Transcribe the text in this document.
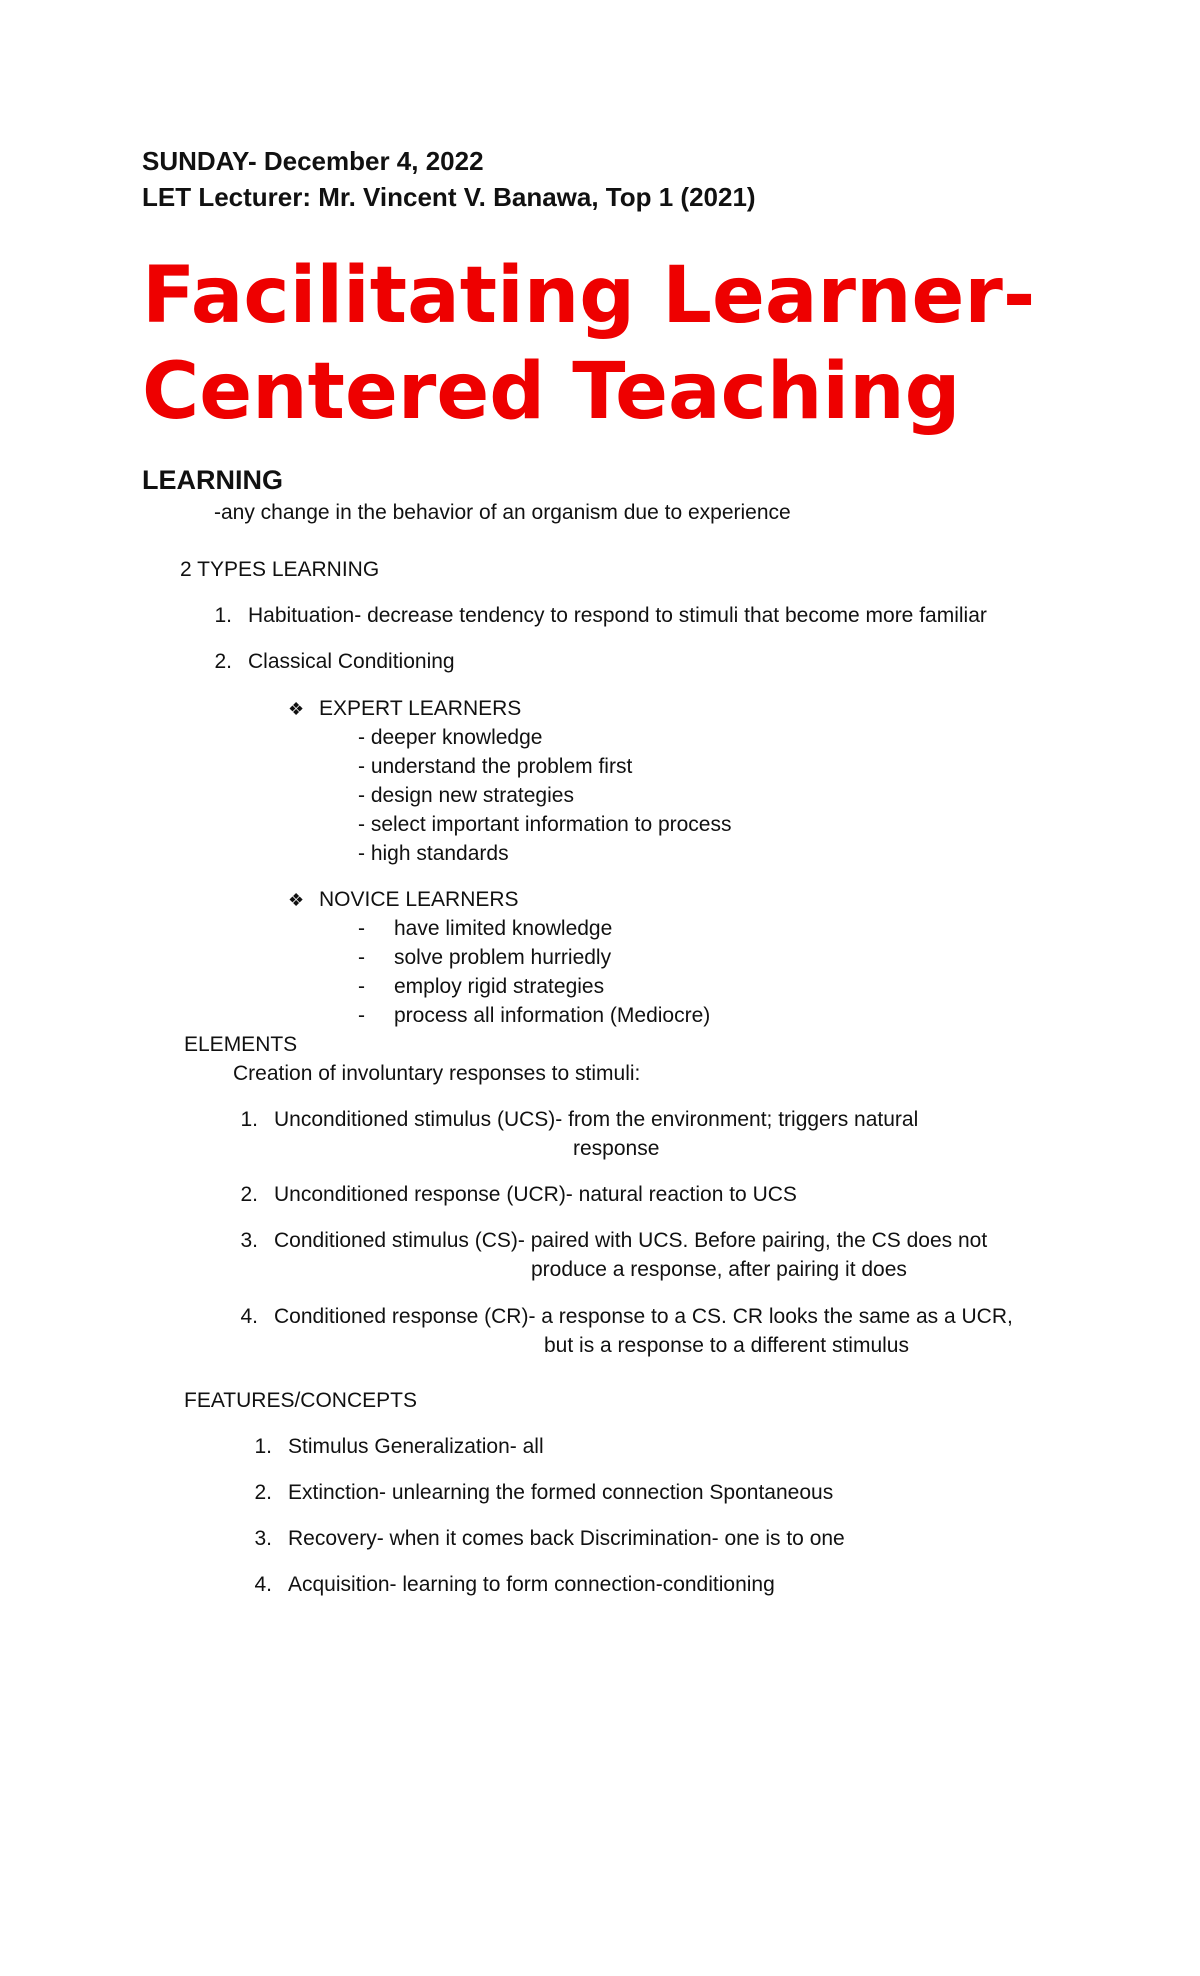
SUNDAY- December 4, 2022
LET Lecturer: Mr. Vincent V. Banawa, Top 1 (2021)
Facilitating Learner-
Centered Teaching
LEARNING
-any change in the behavior of an organism due to experience
2 TYPES LEARNING
1. Habituation- decrease tendency to respond to stimuli that become more familiar
2. Classical Conditioning
❖ EXPERT LEARNERS
- deeper knowledge
- understand the problem first
- design new strategies
- select important information to process
- high standards
❖ NOVICE LEARNERS
- have limited knowledge
- solve problem hurriedly
- employ rigid strategies
- process all information (Mediocre)
ELEMENTS
Creation of involuntary responses to stimuli:
1. Unconditioned stimulus (UCS)- from the environment; triggers natural
response
2. Unconditioned response (UCR)- natural reaction to UCS
3. Conditioned stimulus (CS)- paired with UCS. Before pairing, the CS does not
produce a response, after pairing it does
4. Conditioned response (CR)- a response to a CS. CR looks the same as a UCR,
but is a response to a different stimulus
FEATURES/CONCEPTS
1. Stimulus Generalization- all
2. Extinction- unlearning the formed connection Spontaneous
3. Recovery- when it comes back Discrimination- one is to one
4. Acquisition- learning to form connection-conditioning
